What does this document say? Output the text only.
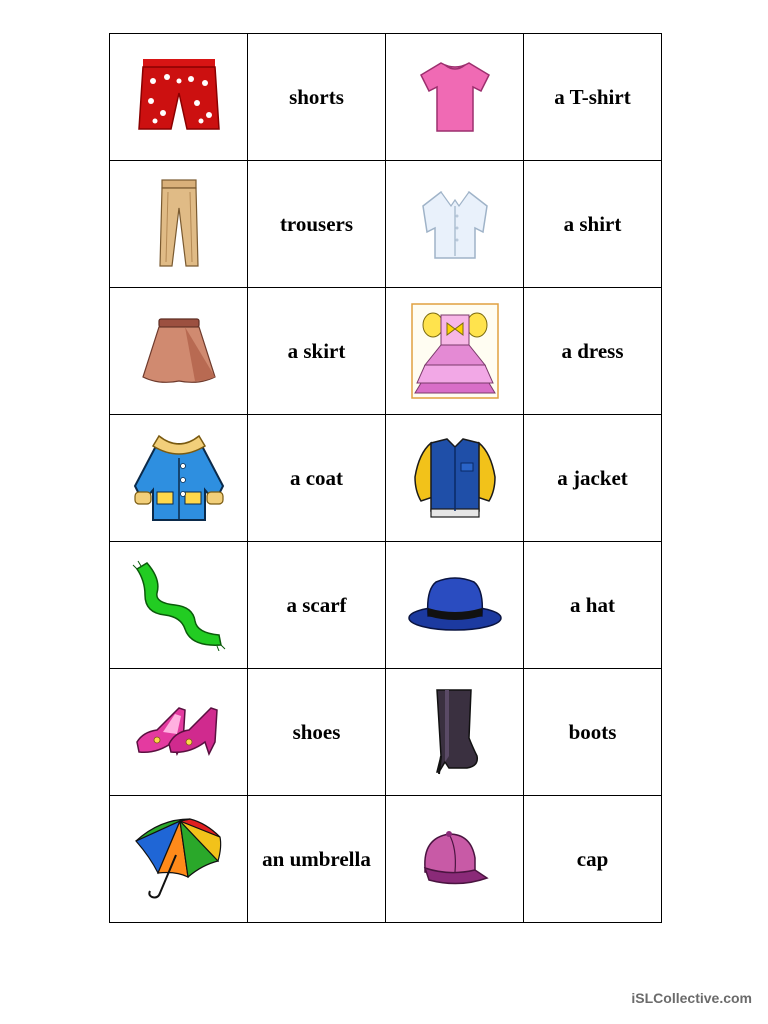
	shorts		a T-shirt

	trousers		a shirt

	a skirt		a dress

	a coat		a jacket

	a scarf		a hat

	shoes		boots

	an umbrella		cap
iSLCollective.com
